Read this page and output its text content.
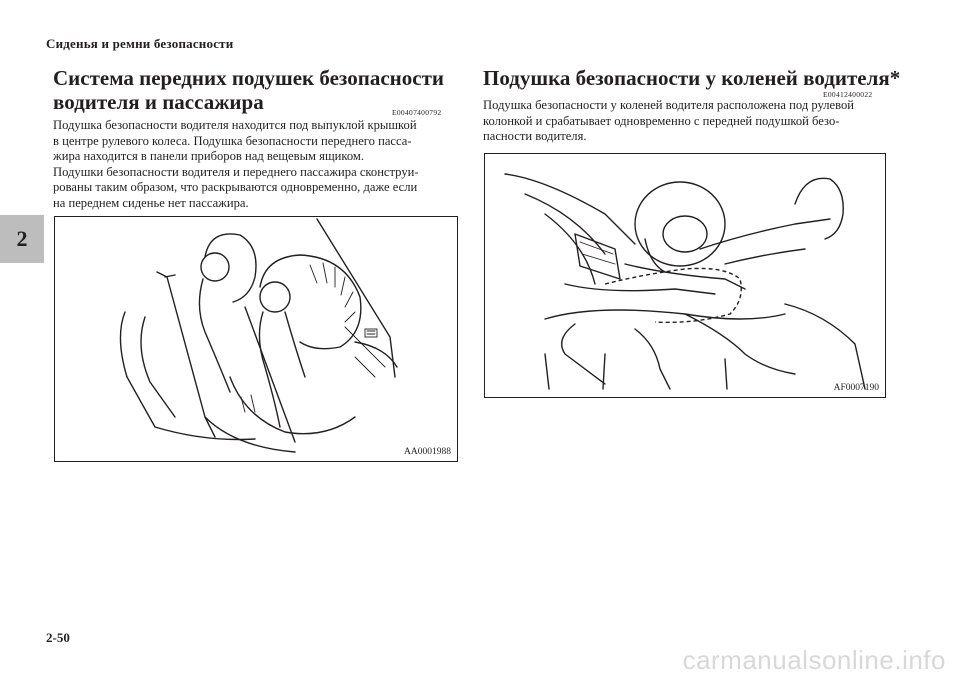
Сиденья и ремни безопасности
2
Система передних подушек безопасности
водителя и пассажира	E00407400792
Подушка безопасности водителя находится под выпуклой крышкой
в центре рулевого колеса. Подушка безопасности переднего пасса-
жира находится в панели приборов над вещевым ящиком.
Подушки безопасности водителя и переднего пассажира сконструи-
рованы таким образом, что раскрываются одновременно, даже если
на переднем сиденье нет пассажира.
AA0001988
Подушка безопасности у коленей водителя*
E00412400022
Подушка безопасности у коленей водителя расположена под рулевой
колонкой и срабатывает одновременно с передней подушкой безо-
пасности водителя.
AF0007190
2-50
carmanualsonline.info
